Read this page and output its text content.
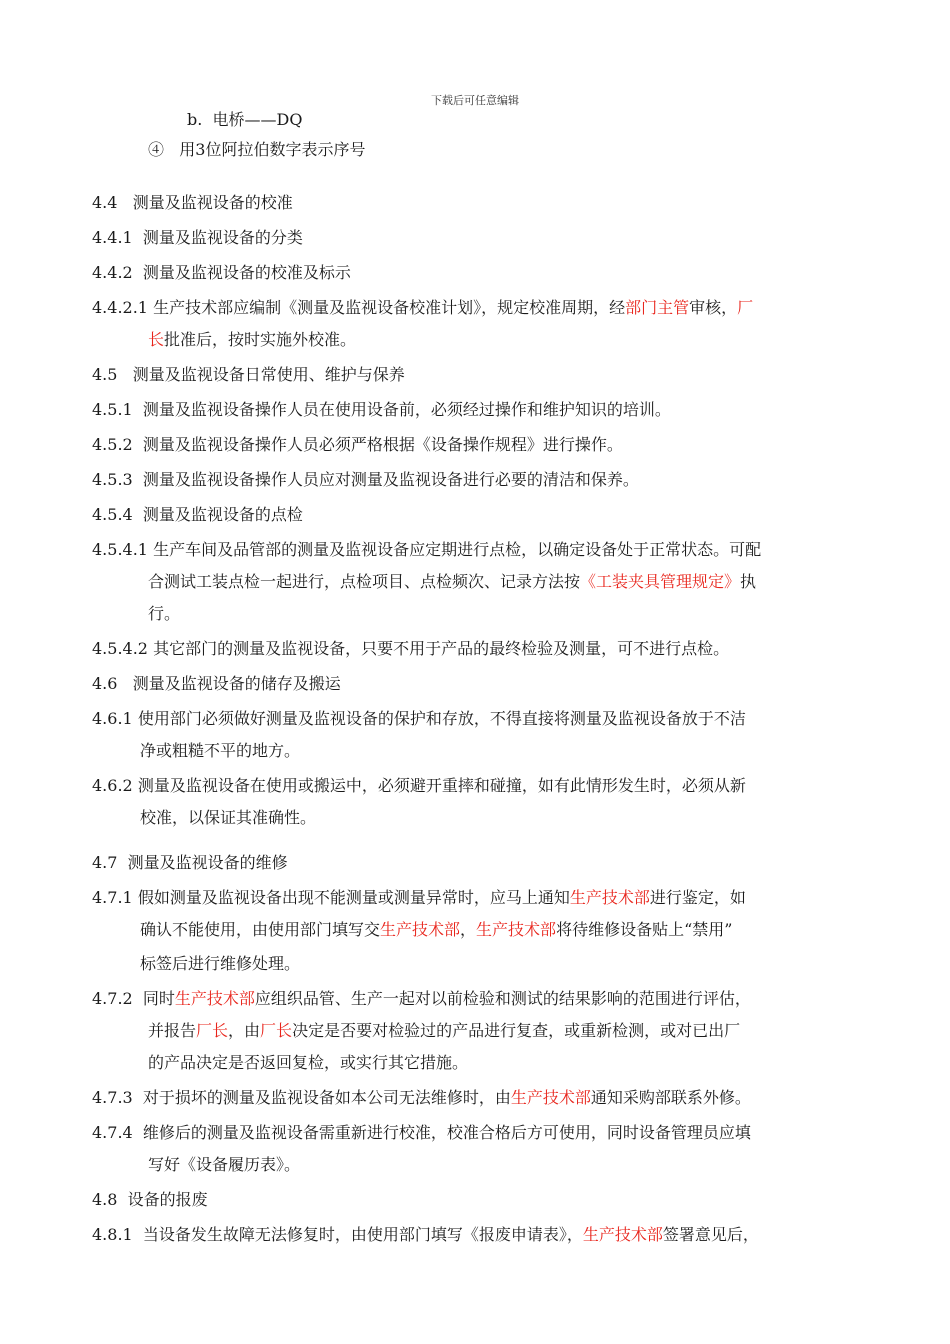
下载后可任意编辑
b. 电桥——DQ
④ 用3位阿拉伯数字表示序号
4.4 测量及监视设备的校准
4.4.1 测量及监视设备的分类
4.4.2 测量及监视设备的校准及标示
4.4.2.1 生产技术部应编制《测量及监视设备校准计划》，规定校准周期，经部门主管审核，厂
长批准后，按时实施外校准。
4.5 测量及监视设备日常使用、维护与保养
4.5.1 测量及监视设备操作人员在使用设备前，必须经过操作和维护知识的培训。
4.5.2 测量及监视设备操作人员必须严格根据《设备操作规程》进行操作。
4.5.3 测量及监视设备操作人员应对测量及监视设备进行必要的清洁和保养。
4.5.4 测量及监视设备的点检
4.5.4.1 生产车间及品管部的测量及监视设备应定期进行点检，以确定设备处于正常状态。可配
合测试工装点检一起进行，点检项目、点检频次、记录方法按《工装夹具管理规定》执
行。
4.5.4.2 其它部门的测量及监视设备，只要不用于产品的最终检验及测量，可不进行点检。
4.6 测量及监视设备的储存及搬运
4.6.1 使用部门必须做好测量及监视设备的保护和存放，不得直接将测量及监视设备放于不洁
净或粗糙不平的地方。
4.6.2 测量及监视设备在使用或搬运中，必须避开重摔和碰撞，如有此情形发生时，必须从新
校准，以保证其准确性。
4.7 测量及监视设备的维修
4.7.1 假如测量及监视设备出现不能测量或测量异常时，应马上通知生产技术部进行鉴定，如
确认不能使用，由使用部门填写交生产技术部，生产技术部将待维修设备贴上“禁用”
标签后进行维修处理。
4.7.2 同时生产技术部应组织品管、生产一起对以前检验和测试的结果影响的范围进行评估，
并报告厂长，由厂长决定是否要对检验过的产品进行复查，或重新检测，或对已出厂
的产品决定是否返回复检，或实行其它措施。
4.7.3 对于损坏的测量及监视设备如本公司无法维修时，由生产技术部通知采购部联系外修。
4.7.4 维修后的测量及监视设备需重新进行校准，校准合格后方可使用，同时设备管理员应填
写好《设备履历表》。
4.8 设备的报废
4.8.1 当设备发生故障无法修复时，由使用部门填写《报废申请表》，生产技术部签署意见后，
